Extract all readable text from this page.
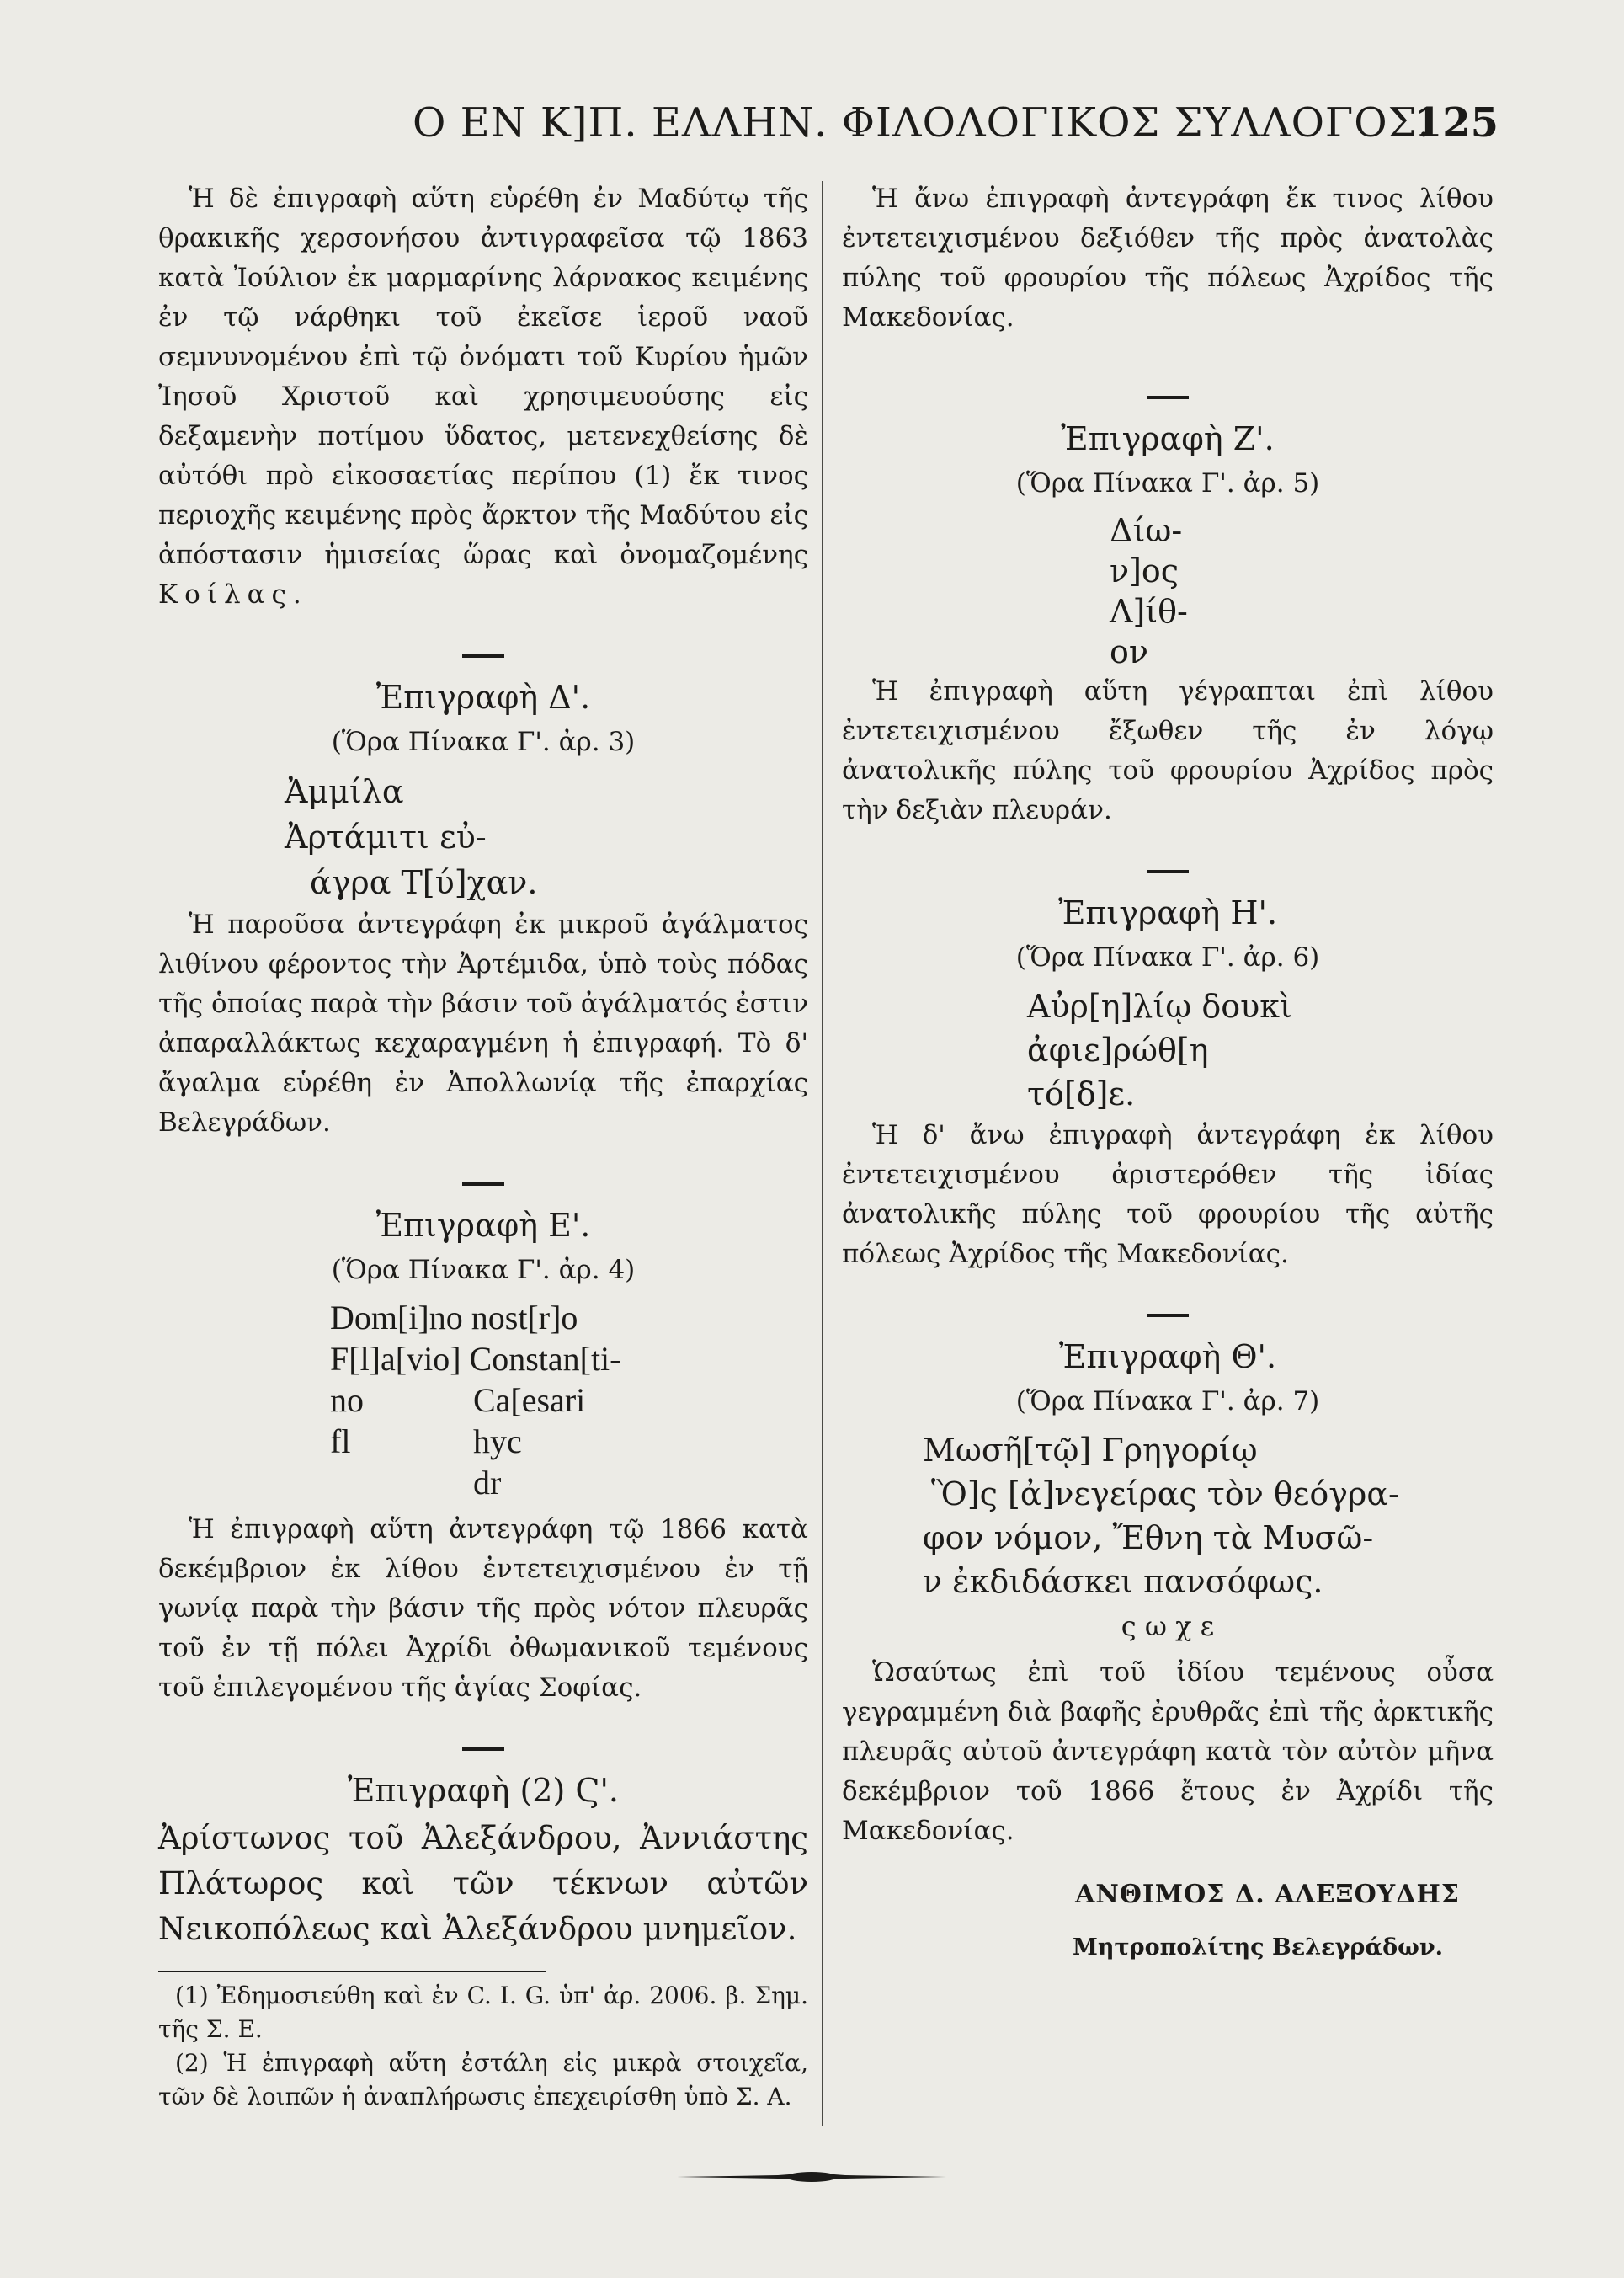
Ο ΕΝ Κ]Π. ΕΛΛΗΝ. ΦΙΛΟΛΟΓΙΚΟΣ ΣΥΛΛΟΓΟΣ.
125

Ἡ δὲ ἐπιγραφὴ αὕτη εὑρέθη ἐν Μαδύτῳ τῆς θρακικῆς χερσονήσου ἀντιγραφεῖσα τῷ 1863 κατὰ Ἰούλιον ἐκ μαρμαρίνης λάρνακος κειμένης ἐν τῷ νάρθηκι τοῦ ἐκεῖσε ἱεροῦ ναοῦ σεμνυνομένου ἐπὶ τῷ ὀνόματι τοῦ Κυρίου ἡμῶν Ἰησοῦ Χριστοῦ καὶ χρησιμευούσης εἰς δεξαμενὴν ποτίμου ὕδατος, μετενεχθείσης δὲ αὐτόθι πρὸ εἰκοσαετίας περίπου (1) ἔκ τινος περιοχῆς κειμένης πρὸς ἄρκτον τῆς Μαδύτου εἰς ἀπόστασιν ἡμισείας ὥρας καὶ ὀνομαζομένης Κοίλας.

Ἐπιγραφὴ Δ'.
(Ὅρα Πίνακα Γ'. ἀρ. 3)

Ἀμμίλα

Ἀρτάμιτι εὐ-

άγρα Τ[ύ]χαν.

Ἡ παροῦσα ἀντεγράφη ἐκ μικροῦ ἀγάλματος λιθίνου φέροντος τὴν Ἀρτέμιδα, ὑπὸ τοὺς πόδας τῆς ὁποίας παρὰ τὴν βάσιν τοῦ ἀγάλματός ἐστιν ἀπαραλλάκτως κεχαραγμένη ἡ ἐπιγραφή. Τὸ δ' ἄγαλμα εὑρέθη ἐν Ἀπολλωνίᾳ τῆς ἐπαρχίας Βελεγράδων.

Ἐπιγραφὴ Ε'.
(Ὅρα Πίνακα Γ'. ἀρ. 4)
Dom[i]no nost[r]o
F[l]a[vio] Constan[ti-
no	Ca[esari
fl	hyc
dr

Ἡ ἐπιγραφὴ αὕτη ἀντεγράφη τῷ 1866 κατὰ δεκέμβριον ἐκ λίθου ἐντετειχισμένου ἐν τῇ γωνίᾳ παρὰ τὴν βάσιν τῆς πρὸς νότον πλευρᾶς τοῦ ἐν τῇ πόλει Ἀχρίδι ὀθωμανικοῦ τεμένους τοῦ ἐπιλεγομένου τῆς ἁγίας Σοφίας.

Ἐπιγραφὴ (2) Ϛ'.

Ἀρίστωνος τοῦ Ἀλεξάνδρου, Ἀννιάστης Πλάτωρος καὶ τῶν τέκνων αὐτῶν Νεικοπόλεως καὶ Ἀλεξάνδρου μνημεῖον.

(1) Ἐδημοσιεύθη καὶ ἐν C. I. G. ὑπ' ἀρ. 2006. β. Σημ. τῆς Σ. Ε.

(2) Ἡ ἐπιγραφὴ αὕτη ἐστάλη εἰς μικρὰ στοιχεῖα, τῶν δὲ λοιπῶν ἡ ἀναπλήρωσις ἐπεχειρίσθη ὑπὸ Σ. Α.

Ἡ ἄνω ἐπιγραφὴ ἀντεγράφη ἔκ τινος λίθου ἐντετειχισμένου δεξιόθεν τῆς πρὸς ἀνατολὰς πύλης τοῦ φρουρίου τῆς πόλεως Ἀχρίδος τῆς Μακεδονίας.

Ἐπιγραφὴ Ζ'.
(Ὅρα Πίνακα Γ'. ἀρ. 5)

Δίω-

ν]ος

Λ]ίθ-

ον

Ἡ ἐπιγραφὴ αὕτη γέγραπται ἐπὶ λίθου ἐντετειχισμένου ἔξωθεν τῆς ἐν λόγῳ ἀνατολικῆς πύλης τοῦ φρουρίου Ἀχρίδος πρὸς τὴν δεξιὰν πλευράν.

Ἐπιγραφὴ Η'.
(Ὅρα Πίνακα Γ'. ἀρ. 6)

Αὐρ[η]λίῳ δουκὶ

ἀφιε]ρώθ[η

τό[δ]ε.

Ἡ δ' ἄνω ἐπιγραφὴ ἀντεγράφη ἐκ λίθου ἐντετειχισμένου ἀριστερόθεν τῆς ἰδίας ἀνατολικῆς πύλης τοῦ φρουρίου τῆς αὐτῆς πόλεως Ἀχρίδος τῆς Μακεδονίας.

Ἐπιγραφὴ Θ'.
(Ὅρα Πίνακα Γ'. ἀρ. 7)

Μωσῆ[τῷ] Γρηγορίῳ

Ὃ]ς [ἀ]νεγείρας τὸν θεόγρα-

φον νόμον, Ἔθνη τὰ Μυσῶ-

ν ἐκδιδάσκει πανσόφως.

ς ω χ ε

Ὡσαύτως ἐπὶ τοῦ ἰδίου τεμένους οὖσα γεγραμμένη διὰ βαφῆς ἐρυθρᾶς ἐπὶ τῆς ἀρκτικῆς πλευρᾶς αὐτοῦ ἀντεγράφη κατὰ τὸν αὐτὸν μῆνα δεκέμβριον τοῦ 1866 ἔτους ἐν Ἀχρίδι τῆς Μακεδονίας.

ΑΝΘΙΜΟΣ Δ. ΑΛΕΞΟΥΔΗΣ
Μητροπολίτης Βελεγράδων.
